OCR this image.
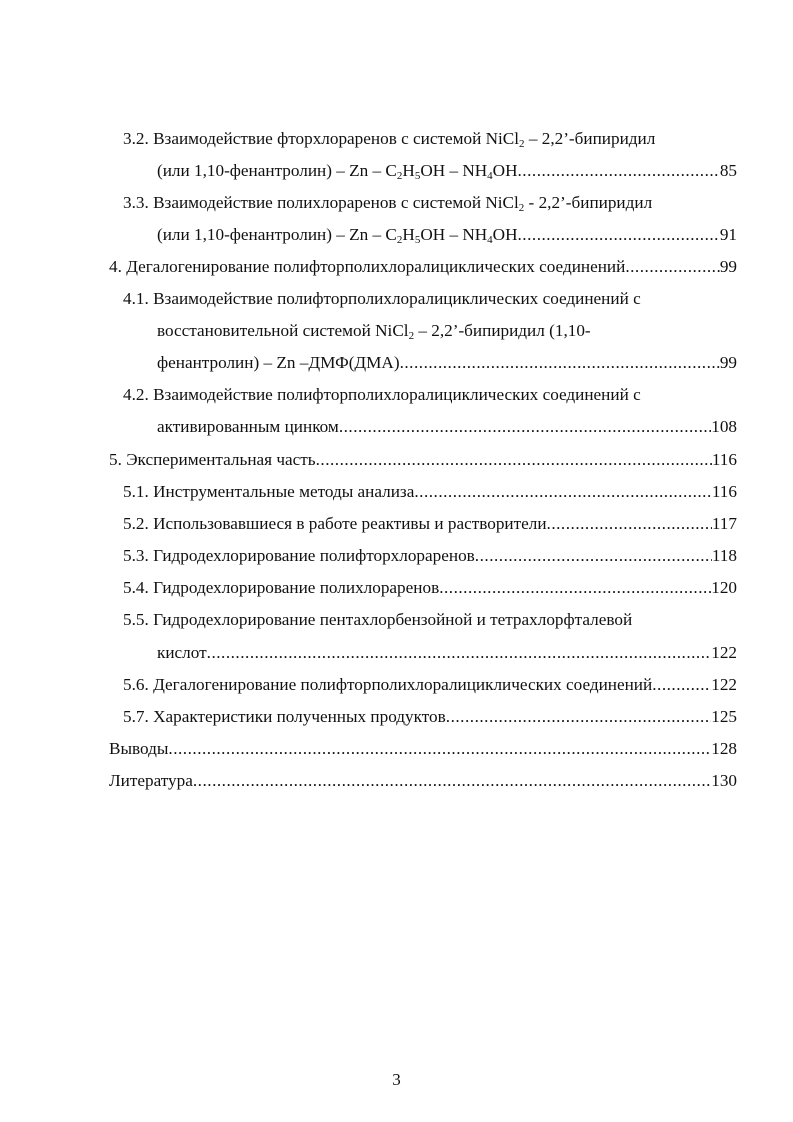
3.2. Взаимодействие фторхлораренов с системой NiCl$_2$ – 2,2’-бипиридил
(или 1,10-фенантролин) – Zn – $C_2H_5OH - NH_4OH$ .....	85
3.3. Взаимодействие полихлораренов с системой NiCl$_2$ - 2,2’-бипиридил
(или 1,10-фенантролин) – Zn – $C_2H_5OH - NH_4OH$ .....	91
4. Дегалогенирование полифторполихлоралициклических соединений .....	99
4.1. Взаимодействие полифторполихлоралициклических соединений с
восстановительной системой NiCl$_2$ – 2,2’-бипиридил (1,10-
фенантролин) – Zn –ДМФ(ДМА) .....	99
4.2. Взаимодействие полифторполихлоралициклических соединений с
активированным цинком .....	108
5. Экспериментальная часть .....	116
5.1. Инструментальные методы анализа .....	116
5.2. Использовавшиеся в работе реактивы и растворители .....	117
5.3. Гидродехлорирование полифторхлораренов .....	118
5.4. Гидродехлорирование полихлораренов .....	120
5.5. Гидродехлорирование пентахлорбензойной и тетрахлорфталевой
кислот .....	122
5.6. Дегалогенирование полифторполихлоралициклических соединений .....	122
5.7. Характеристики полученных продуктов .....	125
Выводы .....	128
Литература .....	130
3
